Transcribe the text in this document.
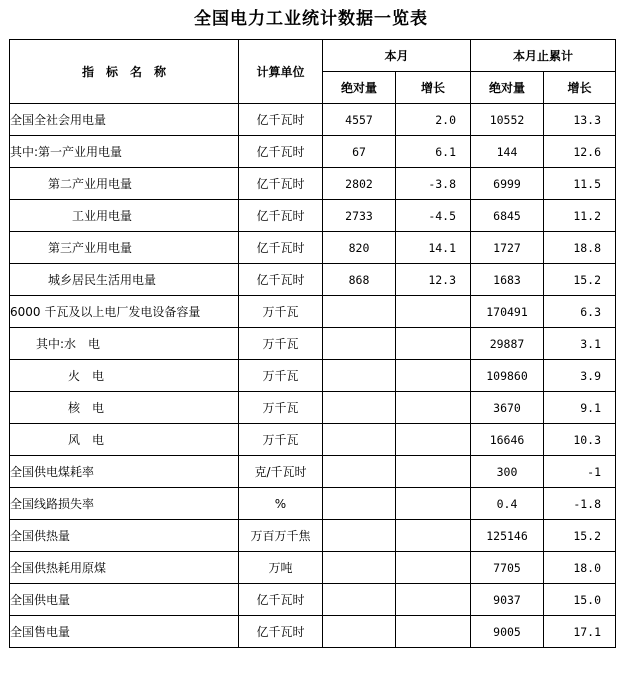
全国电力工业统计数据一览表
指　标　名　称	计算单位	本月		本月止累计	
		绝对量	增长	绝对量	增长
全国全社会用电量	亿千瓦时	4557	2.0	10552	13.3
其中:第一产业用电量	亿千瓦时	67	6.1	144	12.6
第二产业用电量	亿千瓦时	2802	-3.8	6999	11.5
工业用电量	亿千瓦时	2733	-4.5	6845	11.2
第三产业用电量	亿千瓦时	820	14.1	1727	18.8
城乡居民生活用电量	亿千瓦时	868	12.3	1683	15.2
6000 千瓦及以上电厂发电设备容量	万千瓦			170491	6.3
其中:水　电	万千瓦			29887	3.1
火　电	万千瓦			109860	3.9
核　电	万千瓦			3670	9.1
风　电	万千瓦			16646	10.3
全国供电煤耗率	克/千瓦时			300	-1
全国线路损失率	%			0.4	-1.8
全国供热量	万百万千焦			125146	15.2
全国供热耗用原煤	万吨			7705	18.0
全国供电量	亿千瓦时			9037	15.0
全国售电量	亿千瓦时			9005	17.1
